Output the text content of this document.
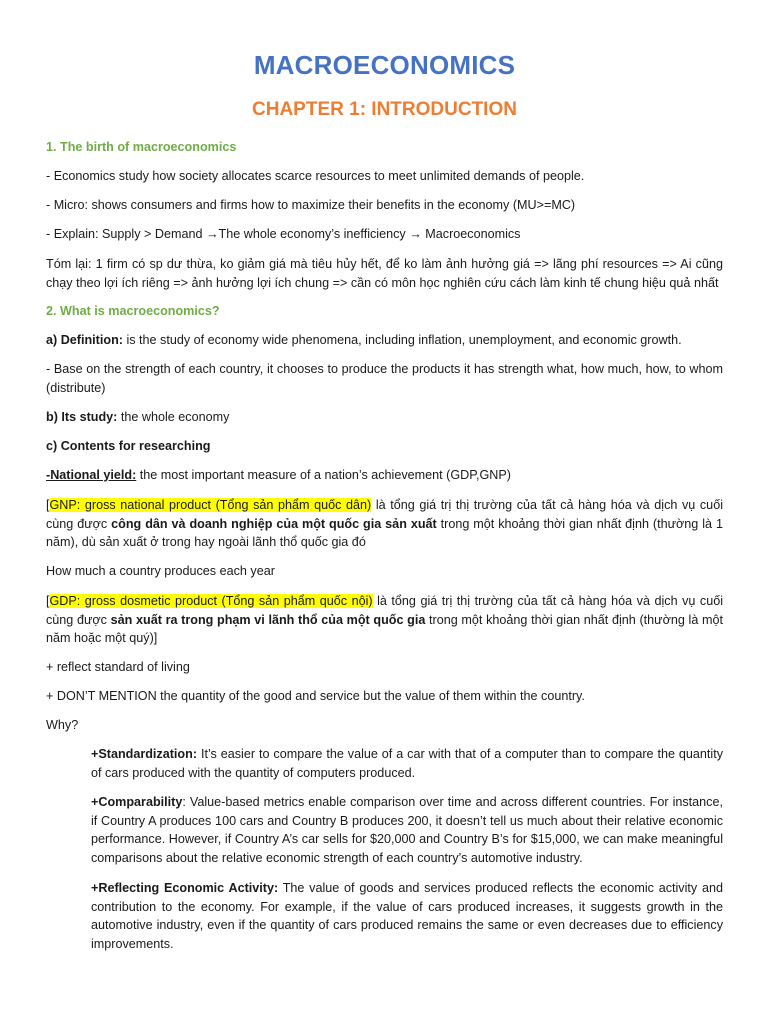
MACROECONOMICS
CHAPTER 1: INTRODUCTION
1. The birth of macroeconomics
- Economics study how society allocates scarce resources to meet unlimited demands of people.
- Micro: shows consumers and firms how to maximize their benefits in the economy (MU>=MC)
- Explain: Supply > Demand →The whole economy’s inefficiency → Macroeconomics
Tóm lại: 1 firm có sp dư thừa, ko giảm giá mà tiêu hủy hết, để ko làm ảnh hưởng giá => lãng phí resources => Ai cũng chạy theo lợi ích riêng => ảnh hưởng lợi ích chung => cần có môn học nghiên cứu cách làm kinh tế chung hiệu quả nhất
2. What is macroeconomics?
a) Definition: is the study of economy wide phenomena, including inflation, unemployment, and economic growth.
- Base on the strength of each country, it chooses to produce the products it has strength what, how much, how, to whom (distribute)
b) Its study: the whole economy
c) Contents for researching
-National yield: the most important measure of a nation’s achievement (GDP,GNP)
[GNP: gross national product (Tổng sản phẩm quốc dân) là tổng giá trị thị trường của tất cả hàng hóa và dịch vụ cuối cùng được công dân và doanh nghiệp của một quốc gia sản xuất trong một khoảng thời gian nhất định (thường là 1 năm), dù sản xuất ở trong hay ngoài lãnh thổ quốc gia đó
How much a country produces each year
[GDP: gross dosmetic product (Tổng sản phẩm quốc nội) là tổng giá trị thị trường của tất cả hàng hóa và dịch vụ cuối cùng được sản xuất ra trong phạm vi lãnh thổ của một quốc gia trong một khoảng thời gian nhất định (thường là một năm hoặc một quý)]
+ reflect standard of living
+ DON’T MENTION the quantity of the good and service but the value of them within the country.
Why?
+Standardization: It’s easier to compare the value of a car with that of a computer than to compare the quantity of cars produced with the quantity of computers produced.
+Comparability: Value-based metrics enable comparison over time and across different countries. For instance, if Country A produces 100 cars and Country B produces 200, it doesn’t tell us much about their relative economic performance. However, if Country A’s car sells for $20,000 and Country B’s for $15,000, we can make meaningful comparisons about the relative economic strength of each country’s automotive industry.
+Reflecting Economic Activity: The value of goods and services produced reflects the economic activity and contribution to the economy. For example, if the value of cars produced increases, it suggests growth in the automotive industry, even if the quantity of cars produced remains the same or even decreases due to efficiency improvements.
